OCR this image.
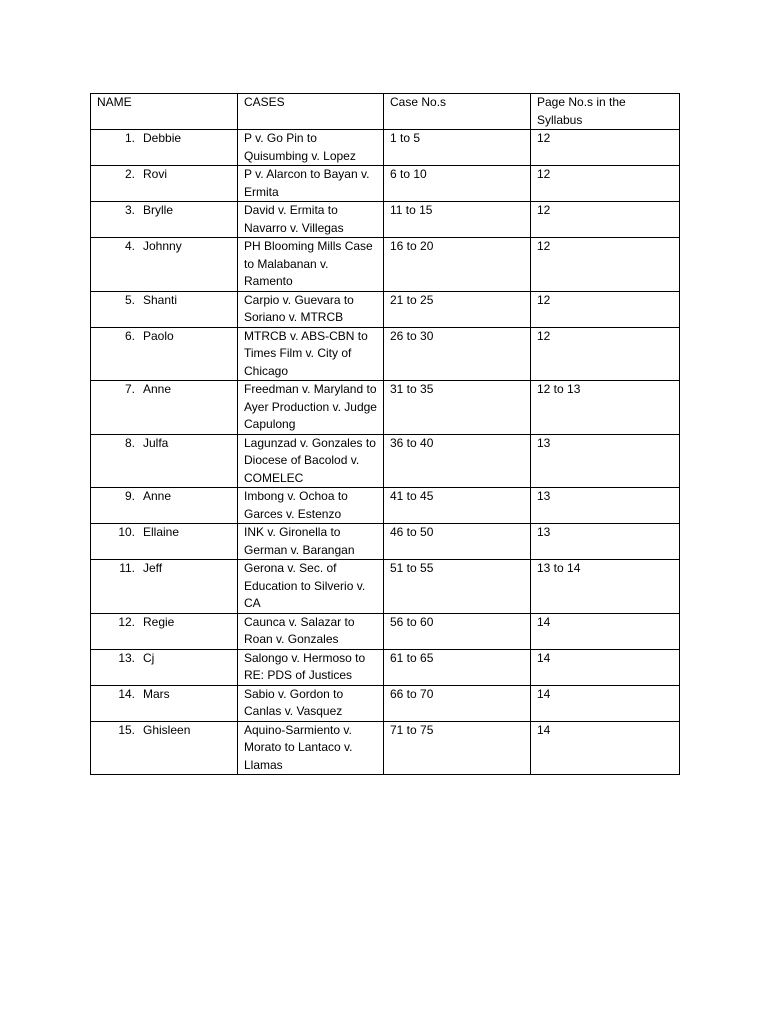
NAME	CASES	Case No.s	Page No.s in the Syllabus
1. Debbie	P v. Go Pin to Quisumbing v. Lopez	1 to 5	12
2. Rovi	P v. Alarcon to Bayan v. Ermita	6 to 10	12
3. Brylle	David v. Ermita to Navarro v. Villegas	11 to 15	12
4. Johnny	PH Blooming Mills Case to Malabanan v. Ramento	16 to 20	12
5. Shanti	Carpio v. Guevara to Soriano v. MTRCB	21 to 25	12
6. Paolo	MTRCB v. ABS-CBN to Times Film v. City of Chicago	26 to 30	12
7. Anne	Freedman v. Maryland to Ayer Production v. Judge Capulong	31 to 35	12 to 13
8. Julfa	Lagunzad v. Gonzales to Diocese of Bacolod v. COMELEC	36 to 40	13
9. Anne	Imbong v. Ochoa to Garces v. Estenzo	41 to 45	13
10. Ellaine	INK v. Gironella to German v. Barangan	46 to 50	13
11. Jeff	Gerona v. Sec. of Education to Silverio v. CA	51 to 55	13 to 14
12. Regie	Caunca v. Salazar to Roan v. Gonzales	56 to 60	14
13. Cj	Salongo v. Hermoso to RE: PDS of Justices	61 to 65	14
14. Mars	Sabio v. Gordon to Canlas v. Vasquez	66 to 70	14
15. Ghisleen	Aquino-Sarmiento v. Morato to Lantaco v. Llamas	71 to 75	14
